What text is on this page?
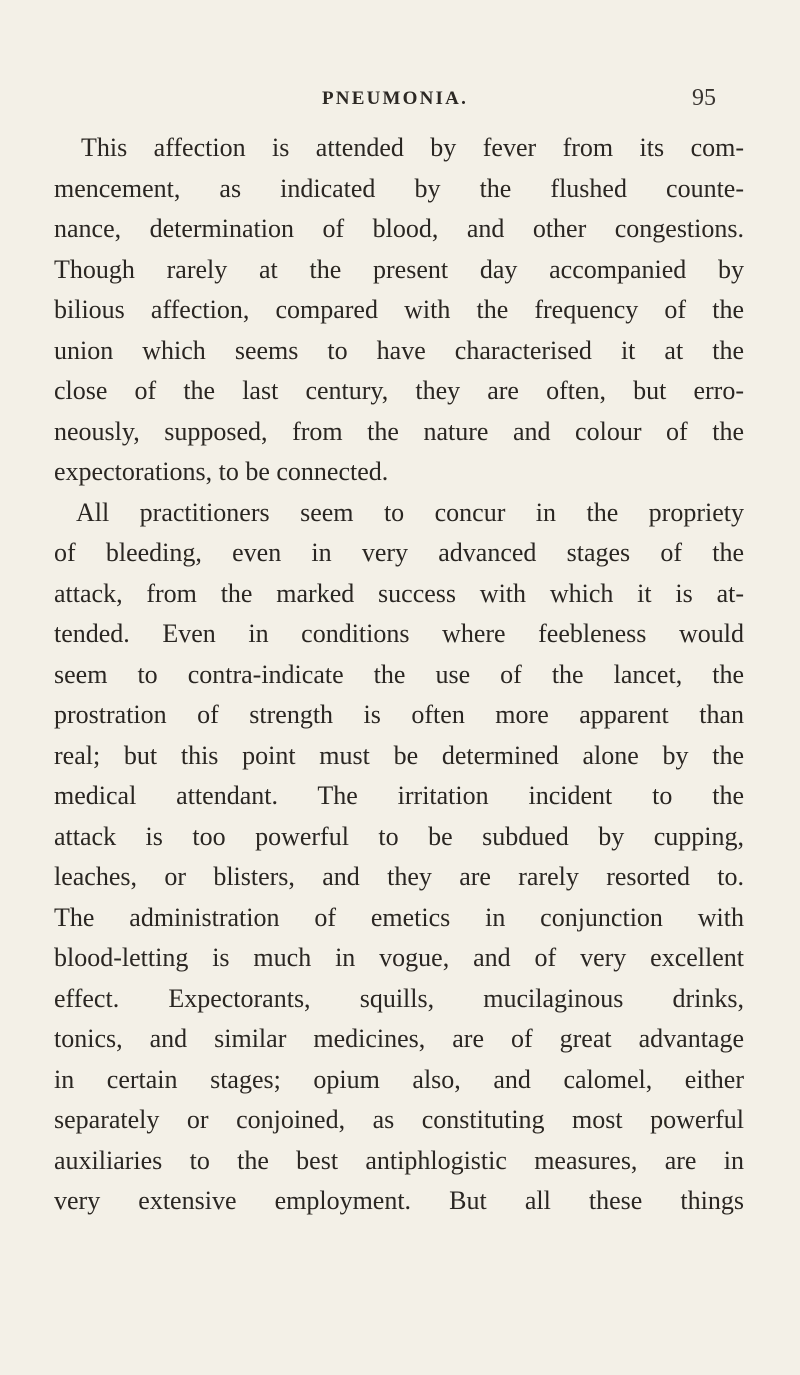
PNEUMONIA.	95
This affection is attended by fever from its com-
mencement, as indicated by the flushed counte-
nance, determination of blood, and other congestions.
Though rarely at the present day accompanied by
bilious affection, compared with the frequency of the
union which seems to have characterised it at the
close of the last century, they are often, but erro-
neously, supposed, from the nature and colour of the
expectorations, to be connected.
All practitioners seem to concur in the propriety
of bleeding, even in very advanced stages of the
attack, from the marked success with which it is at-
tended. Even in conditions where feebleness would
seem to contra-indicate the use of the lancet, the
prostration of strength is often more apparent than
real; but this point must be determined alone by the
medical attendant. The irritation incident to the
attack is too powerful to be subdued by cupping,
leaches, or blisters, and they are rarely resorted to.
The administration of emetics in conjunction with
blood-letting is much in vogue, and of very excellent
effect. Expectorants, squills, mucilaginous drinks,
tonics, and similar medicines, are of great advantage
in certain stages; opium also, and calomel, either
separately or conjoined, as constituting most powerful
auxiliaries to the best antiphlogistic measures, are in
very extensive employment. But all these things
